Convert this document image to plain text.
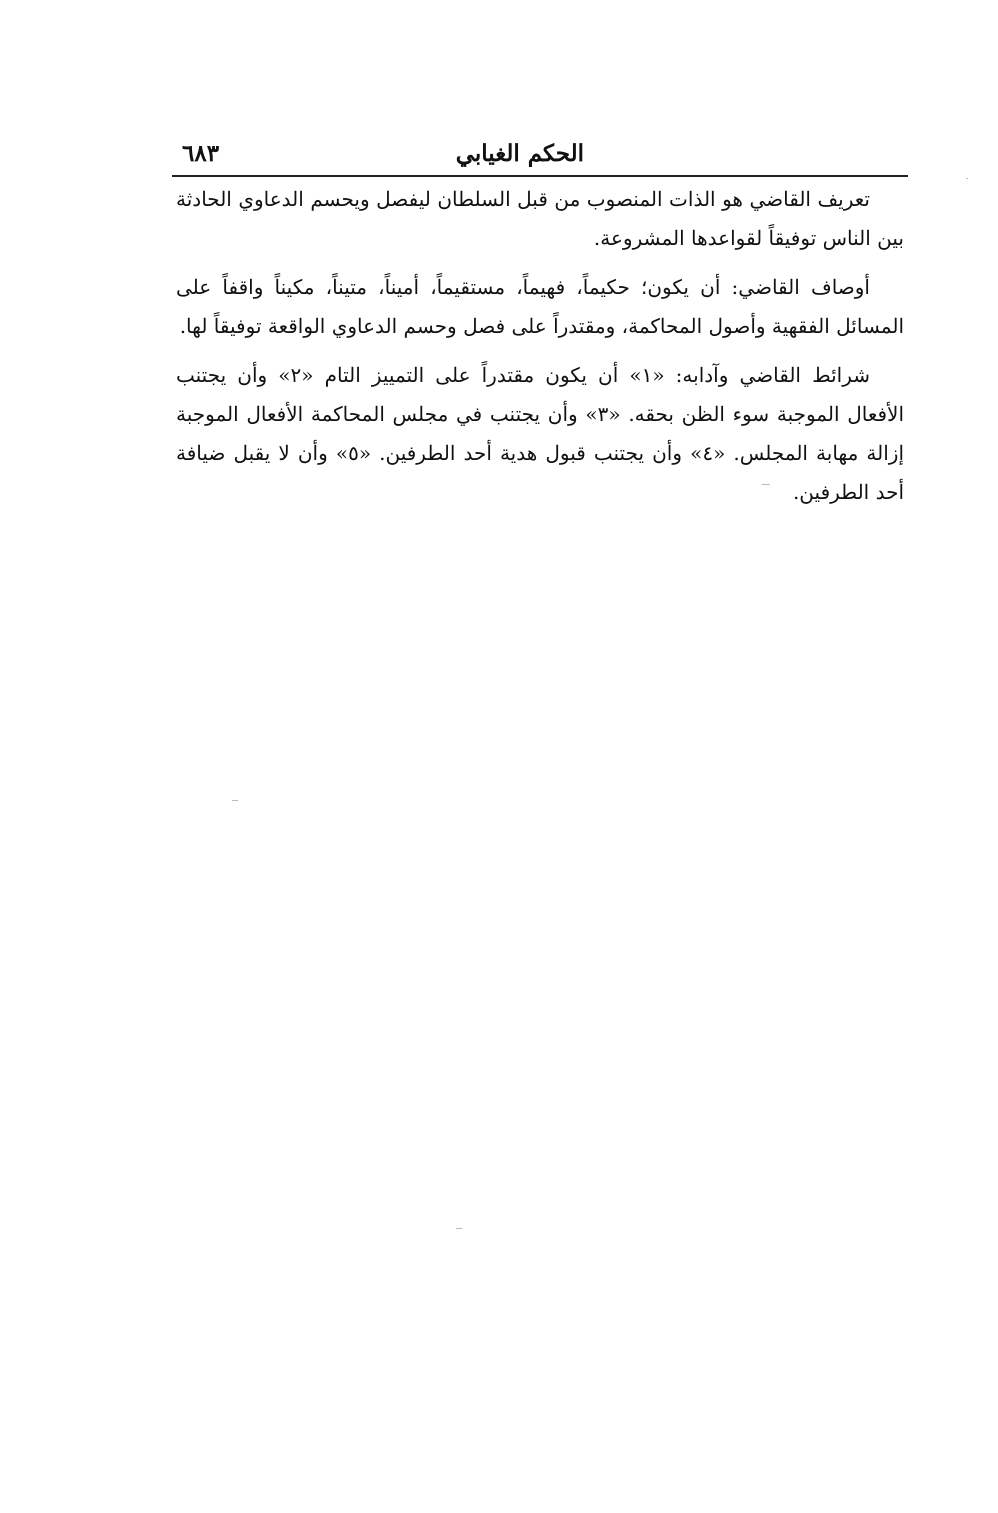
الحكم الغيابي
٦٨٣

تعريف القاضي هو الذات المنصوب من قبل السلطان ليفصل ويحسم الدعاوي الحادثة بين الناس توفيقاً لقواعدها المشروعة.

أوصاف القاضي: أن يكون؛ حكيماً، فهيماً، مستقيماً، أميناً، متيناً، مكيناً واقفاً على المسائل الفقهية وأصول المحاكمة، ومقتدراً على فصل وحسم الدعاوي الواقعة توفيقاً لها.

شرائط القاضي وآدابه: «١» أن يكون مقتدراً على التمييز التام «٢» وأن يجتنب الأفعال الموجبة سوء الظن بحقه. «٣» وأن يجتنب في مجلس المحاكمة الأفعال الموجبة إزالة مهابة المجلس. «٤» وأن يجتنب قبول هدية أحد الطرفين. «٥» وأن لا يقبل ضيافة أحد الطرفين.
